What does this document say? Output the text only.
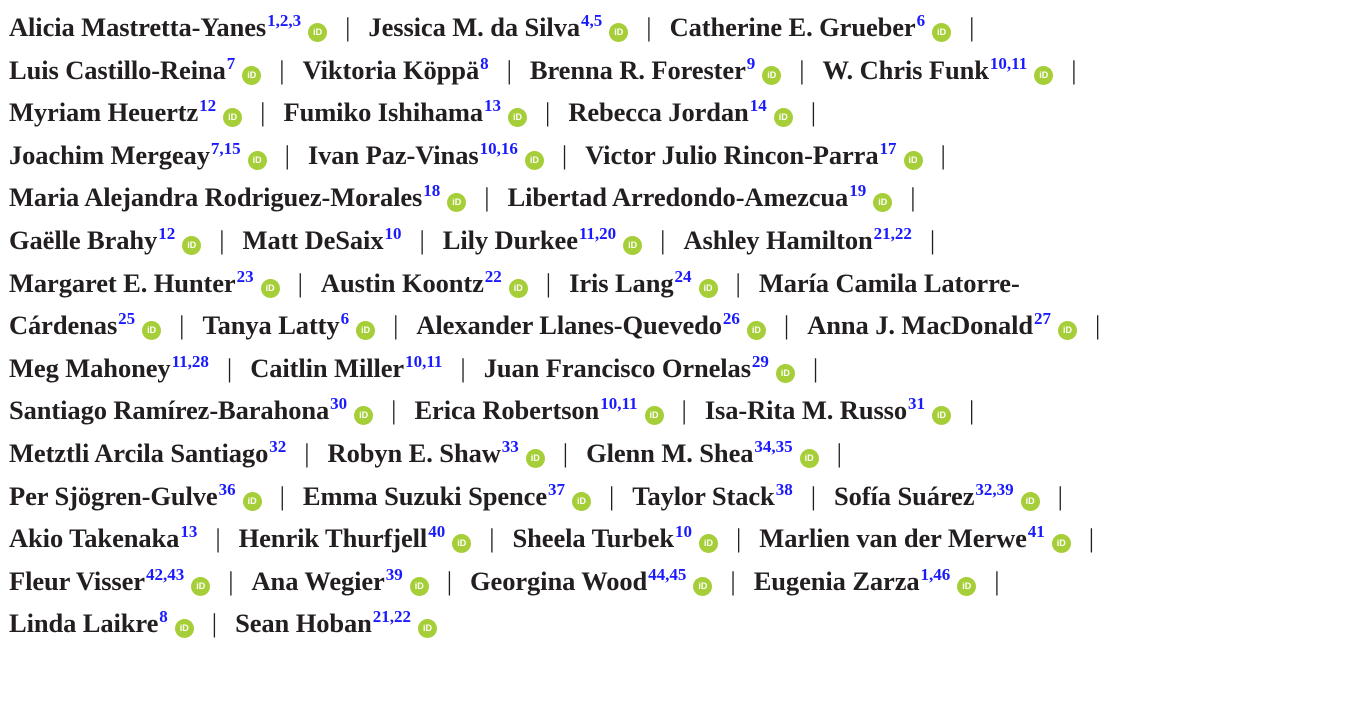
Alicia Mastretta-Yanes$^{1,2,3}$iD | Jessica M. da Silva$^{4,5}$iD | Catherine E. Grueber$^6$iD |
Luis Castillo-Reina$^7$iD | Viktoria Köppä$^8$ | Brenna R. Forester$^9$iD | W. Chris Funk$^{10,11}$iD |
Myriam Heuertz$^{12}$iD | Fumiko Ishihama$^{13}$iD | Rebecca Jordan$^{14}$iD |
Joachim Mergeay$^{7,15}$iD | Ivan Paz-Vinas$^{10,16}$iD | Victor Julio Rincon-Parra$^{17}$iD |
Maria Alejandra Rodriguez-Morales$^{18}$iD | Libertad Arredondo-Amezcua$^{19}$iD |
Gaëlle Brahy$^{12}$iD | Matt DeSaix$^{10}$ | Lily Durkee$^{11,20}$iD | Ashley Hamilton$^{21,22}$ |
Margaret E. Hunter$^{23}$iD | Austin Koontz$^{22}$iD | Iris Lang$^{24}$iD | María Camila Latorre-
Cárdenas$^{25}$iD | Tanya Latty$^6$iD | Alexander Llanes-Quevedo$^{26}$iD | Anna J. MacDonald$^{27}$iD |
Meg Mahoney$^{11,28}$ | Caitlin Miller$^{10,11}$ | Juan Francisco Ornelas$^{29}$iD |
Santiago Ramírez-Barahona$^{30}$iD | Erica Robertson$^{10,11}$iD | Isa-Rita M. Russo$^{31}$iD |
Metztli Arcila Santiago$^{32}$ | Robyn E. Shaw$^{33}$iD | Glenn M. Shea$^{34,35}$iD |
Per Sjögren-Gulve$^{36}$iD | Emma Suzuki Spence$^{37}$iD | Taylor Stack$^{38}$ | Sofía Suárez$^{32,39}$iD |
Akio Takenaka$^{13}$ | Henrik Thurfjell$^{40}$iD | Sheela Turbek$^{10}$iD | Marlien van der Merwe$^{41}$iD |
Fleur Visser$^{42,43}$iD | Ana Wegier$^{39}$iD | Georgina Wood$^{44,45}$iD | Eugenia Zarza$^{1,46}$iD |
Linda Laikre$^8$iD | Sean Hoban$^{21,22}$iD
